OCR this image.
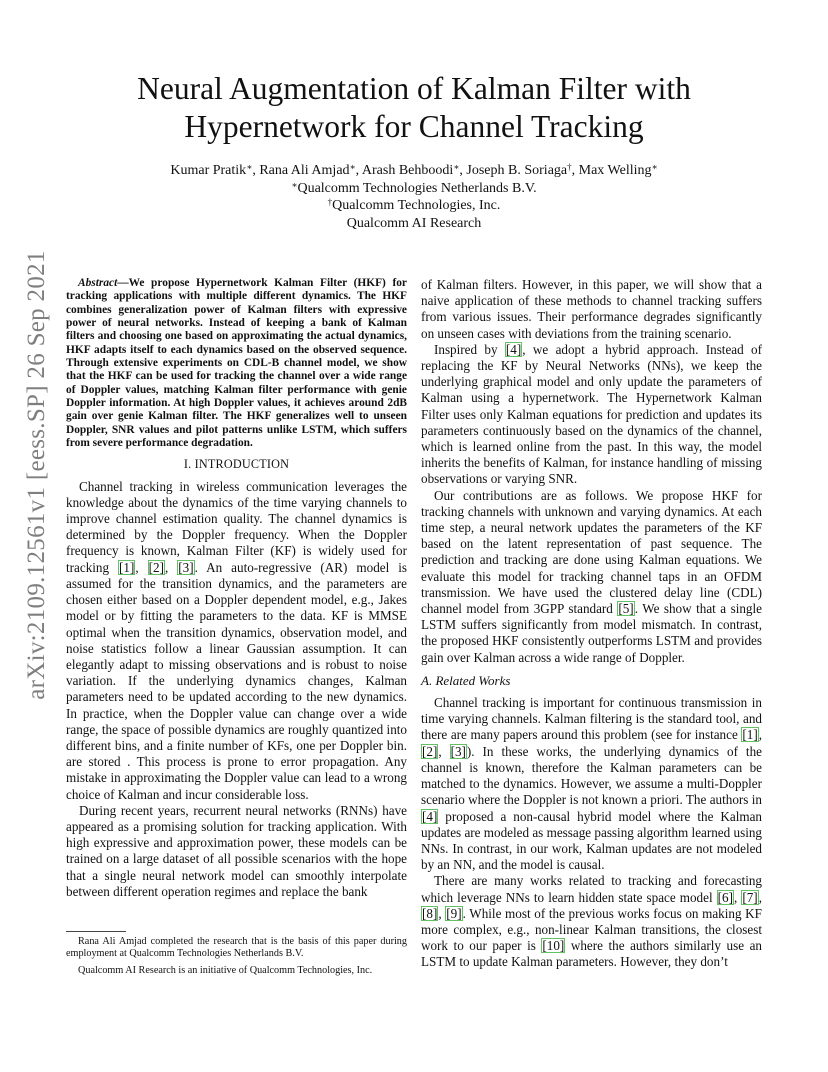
arXiv:2109.12561v1 [eess.SP] 26 Sep 2021
Neural Augmentation of Kalman Filter with
Hypernetwork for Channel Tracking
Kumar Pratik∗, Rana Ali Amjad∗, Arash Behboodi∗, Joseph B. Soriaga†, Max Welling∗
∗Qualcomm Technologies Netherlands B.V.
†Qualcomm Technologies, Inc.
Qualcomm AI Research

Abstract—We propose Hypernetwork Kalman Filter (HKF) for tracking applications with multiple different dynamics. The HKF combines generalization power of Kalman filters with expressive power of neural networks. Instead of keeping a bank of Kalman filters and choosing one based on approximating the actual dynamics, HKF adapts itself to each dynamics based on the observed sequence. Through extensive experiments on CDL-B channel model, we show that the HKF can be used for tracking the channel over a wide range of Doppler values, matching Kalman filter performance with genie Doppler information. At high Doppler values, it achieves around 2dB gain over genie Kalman filter. The HKF generalizes well to unseen Doppler, SNR values and pilot patterns unlike LSTM, which suffers from severe performance degradation.

I. INTRODUCTION

Channel tracking in wireless communication leverages the knowledge about the dynamics of the time varying channels to improve channel estimation quality. The channel dynamics is determined by the Doppler frequency. When the Doppler frequency is known, Kalman Filter (KF) is widely used for tracking [1], [2], [3]. An auto-regressive (AR) model is assumed for the transition dynamics, and the parameters are chosen either based on a Doppler dependent model, e.g., Jakes model or by fitting the parameters to the data. KF is MMSE optimal when the transition dynamics, observation model, and noise statistics follow a linear Gaussian assumption. It can elegantly adapt to missing observations and is robust to noise variation. If the underlying dynamics changes, Kalman parameters need to be updated according to the new dynamics. In practice, when the Doppler value can change over a wide range, the space of possible dynamics are roughly quantized into different bins, and a finite number of KFs, one per Doppler bin. are stored . This process is prone to error propagation. Any mistake in approximating the Doppler value can lead to a wrong choice of Kalman and incur considerable loss.

During recent years, recurrent neural networks (RNNs) have appeared as a promising solution for tracking application. With high expressive and approximation power, these models can be trained on a large dataset of all possible scenarios with the hope that a single neural network model can smoothly interpolate between different operation regimes and replace the bank

Rana Ali Amjad completed the research that is the basis of this paper during employment at Qualcomm Technologies Netherlands B.V.

Qualcomm AI Research is an initiative of Qualcomm Technologies, Inc.

of Kalman filters. However, in this paper, we will show that a naive application of these methods to channel tracking suffers from various issues. Their performance degrades significantly on unseen cases with deviations from the training scenario.

Inspired by [4], we adopt a hybrid approach. Instead of replacing the KF by Neural Networks (NNs), we keep the underlying graphical model and only update the parameters of Kalman using a hypernetwork. The Hypernetwork Kalman Filter uses only Kalman equations for prediction and updates its parameters continuously based on the dynamics of the channel, which is learned online from the past. In this way, the model inherits the benefits of Kalman, for instance handling of missing observations or varying SNR.

Our contributions are as follows. We propose HKF for tracking channels with unknown and varying dynamics. At each time step, a neural network updates the parameters of the KF based on the latent representation of past sequence. The prediction and tracking are done using Kalman equations. We evaluate this model for tracking channel taps in an OFDM transmission. We have used the clustered delay line (CDL) channel model from 3GPP standard [5]. We show that a single LSTM suffers significantly from model mismatch. In contrast, the proposed HKF consistently outperforms LSTM and provides gain over Kalman across a wide range of Doppler.

A. Related Works

Channel tracking is important for continuous transmission in time varying channels. Kalman filtering is the standard tool, and there are many papers around this problem (see for instance [1], [2], [3]). In these works, the underlying dynamics of the channel is known, therefore the Kalman parameters can be matched to the dynamics. However, we assume a multi-Doppler scenario where the Doppler is not known a priori. The authors in [4] proposed a non-causal hybrid model where the Kalman updates are modeled as message passing algorithm learned using NNs. In contrast, in our work, Kalman updates are not modeled by an NN, and the model is causal.

There are many works related to tracking and forecasting which leverage NNs to learn hidden state space model [6], [7], [8], [9]. While most of the previous works focus on making KF more complex, e.g., non-linear Kalman transitions, the closest work to our paper is [10] where the authors similarly use an LSTM to update Kalman parameters. However, they don’t
